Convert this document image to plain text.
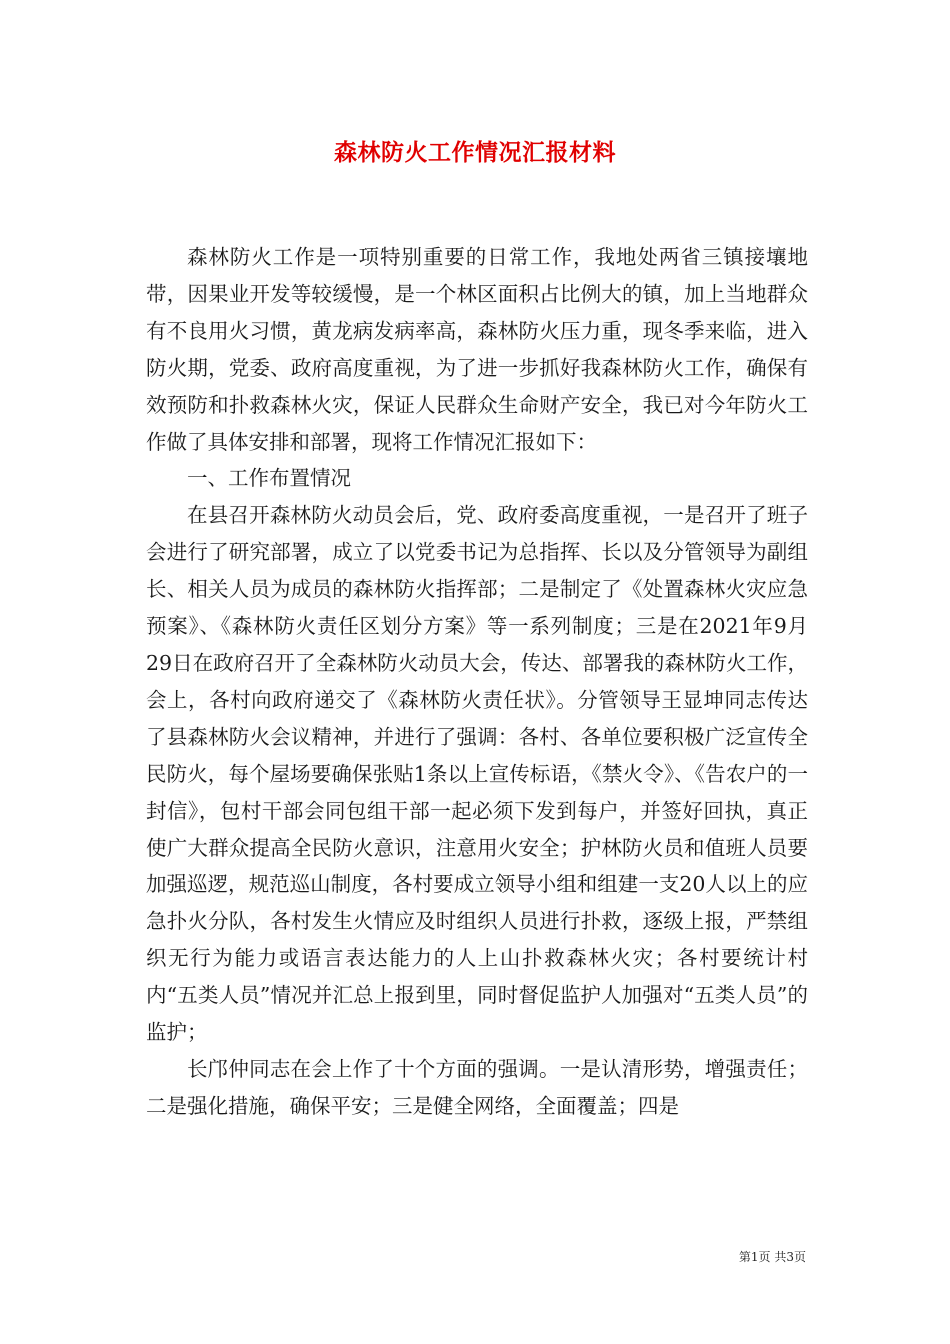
森林防火工作情况汇报材料

森林防火工作是一项特别重要的日常工作，我地处两省三镇接壤地带，因果业开发等较缓慢，是一个林区面积占比例大的镇，加上当地群众有不良用火习惯，黄龙病发病率高，森林防火压力重，现冬季来临，进入防火期，党委、政府高度重视，为了进一步抓好我森林防火工作，确保有效预防和扑救森林火灾，保证人民群众生命财产安全，我已对今年防火工作做了具体安排和部署，现将工作情况汇报如下：

一、工作布置情况

在县召开森林防火动员会后，党、政府委高度重视，一是召开了班子会进行了研究部署，成立了以党委书记为总指挥、长以及分管领导为副组长、相关人员为成员的森林防火指挥部；二是制定了《处置森林火灾应急预案》、《森林防火责任区划分方案》等一系列制度；三是在2021年9月29日在政府召开了全森林防火动员大会，传达、部署我的森林防火工作，会上，各村向政府递交了《森林防火责任状》。分管领导王显坤同志传达了县森林防火会议精神，并进行了强调：各村、各单位要积极广泛宣传全民防火，每个屋场要确保张贴1条以上宣传标语，《禁火令》、《告农户的一封信》，包村干部会同包组干部一起必须下发到每户，并签好回执，真正使广大群众提高全民防火意识，注意用火安全；护林防火员和值班人员要加强巡逻，规范巡山制度，各村要成立领导小组和组建一支20人以上的应急扑火分队，各村发生火情应及时组织人员进行扑救，逐级上报，严禁组织无行为能力或语言表达能力的人上山扑救森林火灾；各村要统计村内“五类人员”情况并汇总上报到里，同时督促监护人加强对“五类人员”的监护；

长邝仲同志在会上作了十个方面的强调。一是认清形势，增强责任；二是强化措施，确保平安；三是健全网络，全面覆盖；四是

第1页 共3页
